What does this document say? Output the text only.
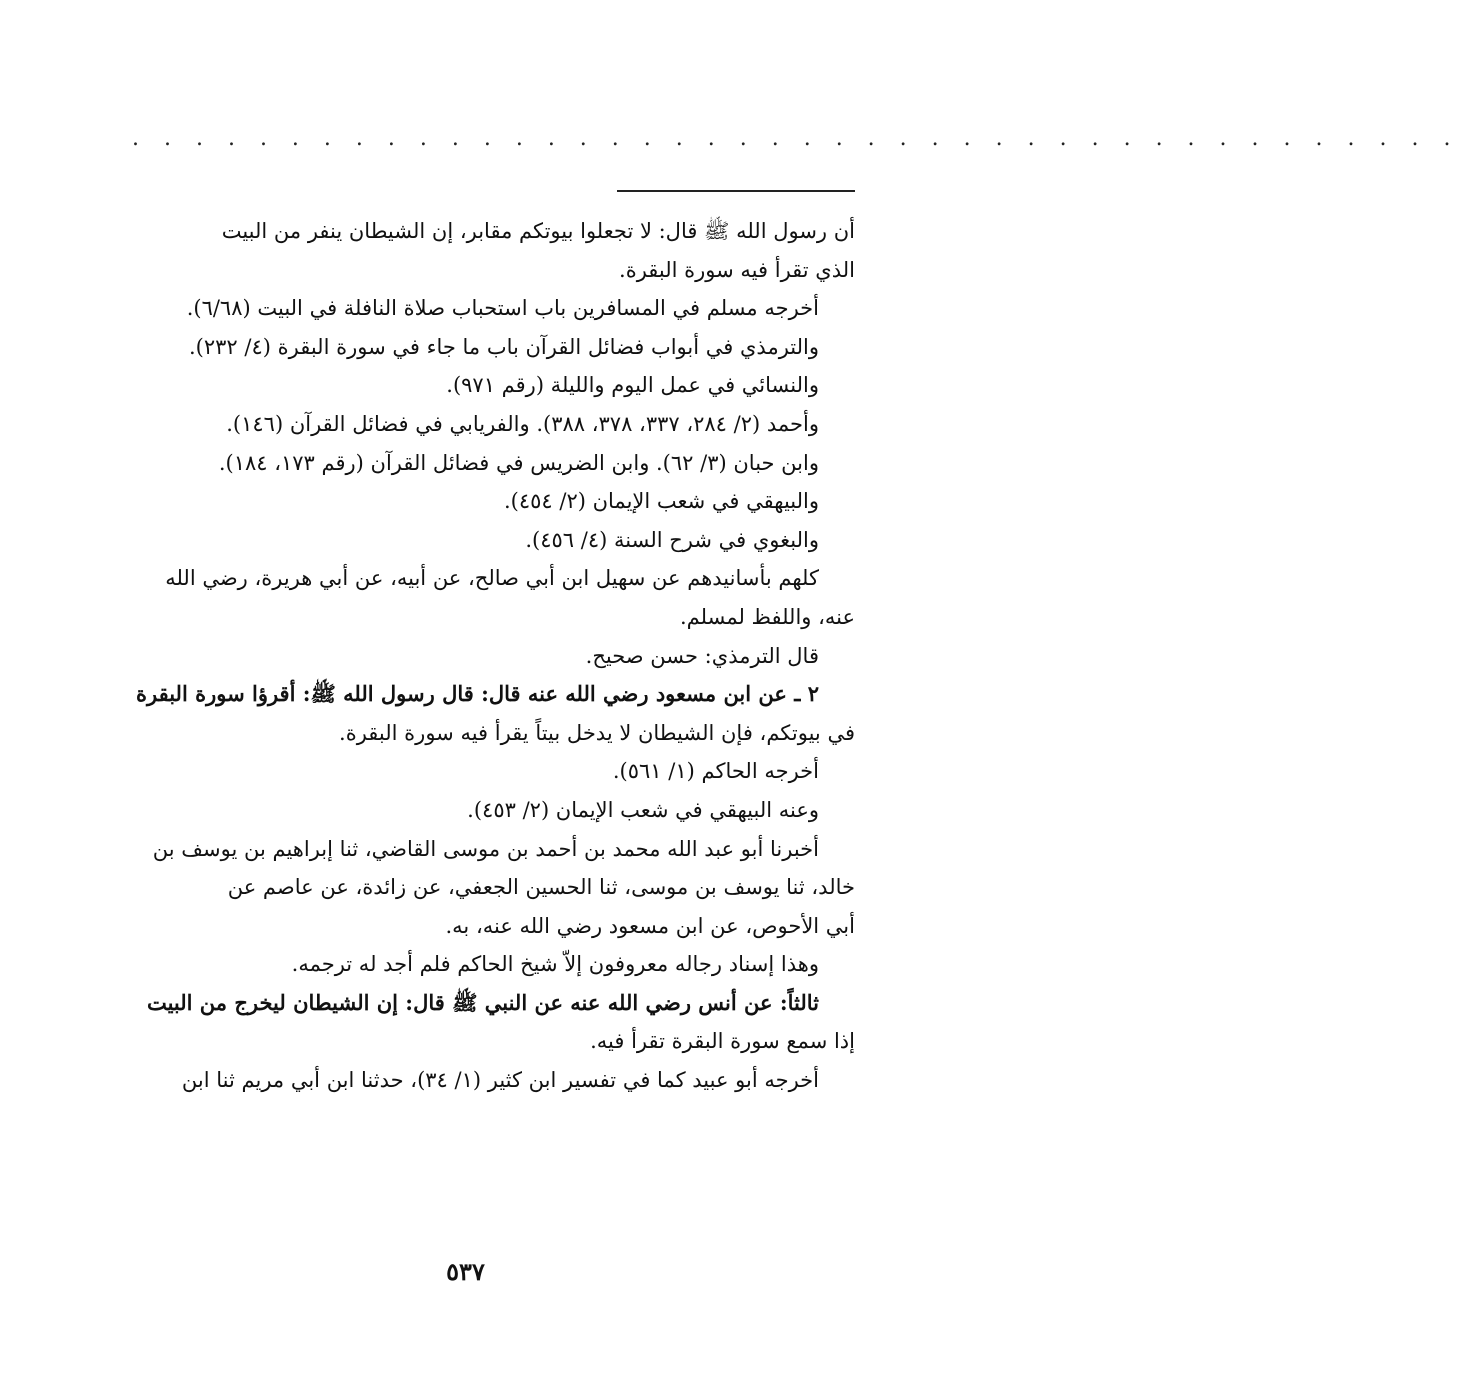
. . . . . . . . . . . . . . . . . . . . . . . . . . . . . . . . . . . . . . . . . .
أن رسول الله ﷺ قال: لا تجعلوا بيوتكم مقابر، إن الشيطان ينفر من البيت
الذي تقرأ فيه سورة البقرة.
أخرجه مسلم في المسافرين باب استحباب صلاة النافلة في البيت (٦/٦٨).
والترمذي في أبواب فضائل القرآن باب ما جاء في سورة البقرة (٤/ ٢٣٢).
والنسائي في عمل اليوم والليلة (رقم ٩٧١).
وأحمد (٢/ ٢٨٤، ٣٣٧، ٣٧٨، ٣٨٨). والفريابي في فضائل القرآن (١٤٦).
وابن حبان (٣/ ٦٢). وابن الضريس في فضائل القرآن (رقم ١٧٣، ١٨٤).
والبيهقي في شعب الإيمان (٢/ ٤٥٤).
والبغوي في شرح السنة (٤/ ٤٥٦).
كلهم بأسانيدهم عن سهيل ابن أبي صالح، عن أبيه، عن أبي هريرة، رضي الله
عنه، واللفظ لمسلم.
قال الترمذي: حسن صحيح.
٢ ـ عن ابن مسعود رضي الله عنه قال: قال رسول الله ﷺ: أقرؤا سورة البقرة
في بيوتكم، فإن الشيطان لا يدخل بيتاً يقرأ فيه سورة البقرة.
أخرجه الحاكم (١/ ٥٦١).
وعنه البيهقي في شعب الإيمان (٢/ ٤٥٣).
أخبرنا أبو عبد الله محمد بن أحمد بن موسى القاضي، ثنا إبراهيم بن يوسف بن
خالد، ثنا يوسف بن موسى، ثنا الحسين الجعفي، عن زائدة، عن عاصم عن
أبي الأحوص، عن ابن مسعود رضي الله عنه، به.
وهذا إسناد رجاله معروفون إلاّ شيخ الحاكم فلم أجد له ترجمه.
ثالثاً: عن أنس رضي الله عنه عن النبي ﷺ قال: إن الشيطان ليخرج من البيت
إذا سمع سورة البقرة تقرأ فيه.
أخرجه أبو عبيد كما في تفسير ابن كثير (١/ ٣٤)، حدثنا ابن أبي مريم ثنا ابن
٥٣٧
